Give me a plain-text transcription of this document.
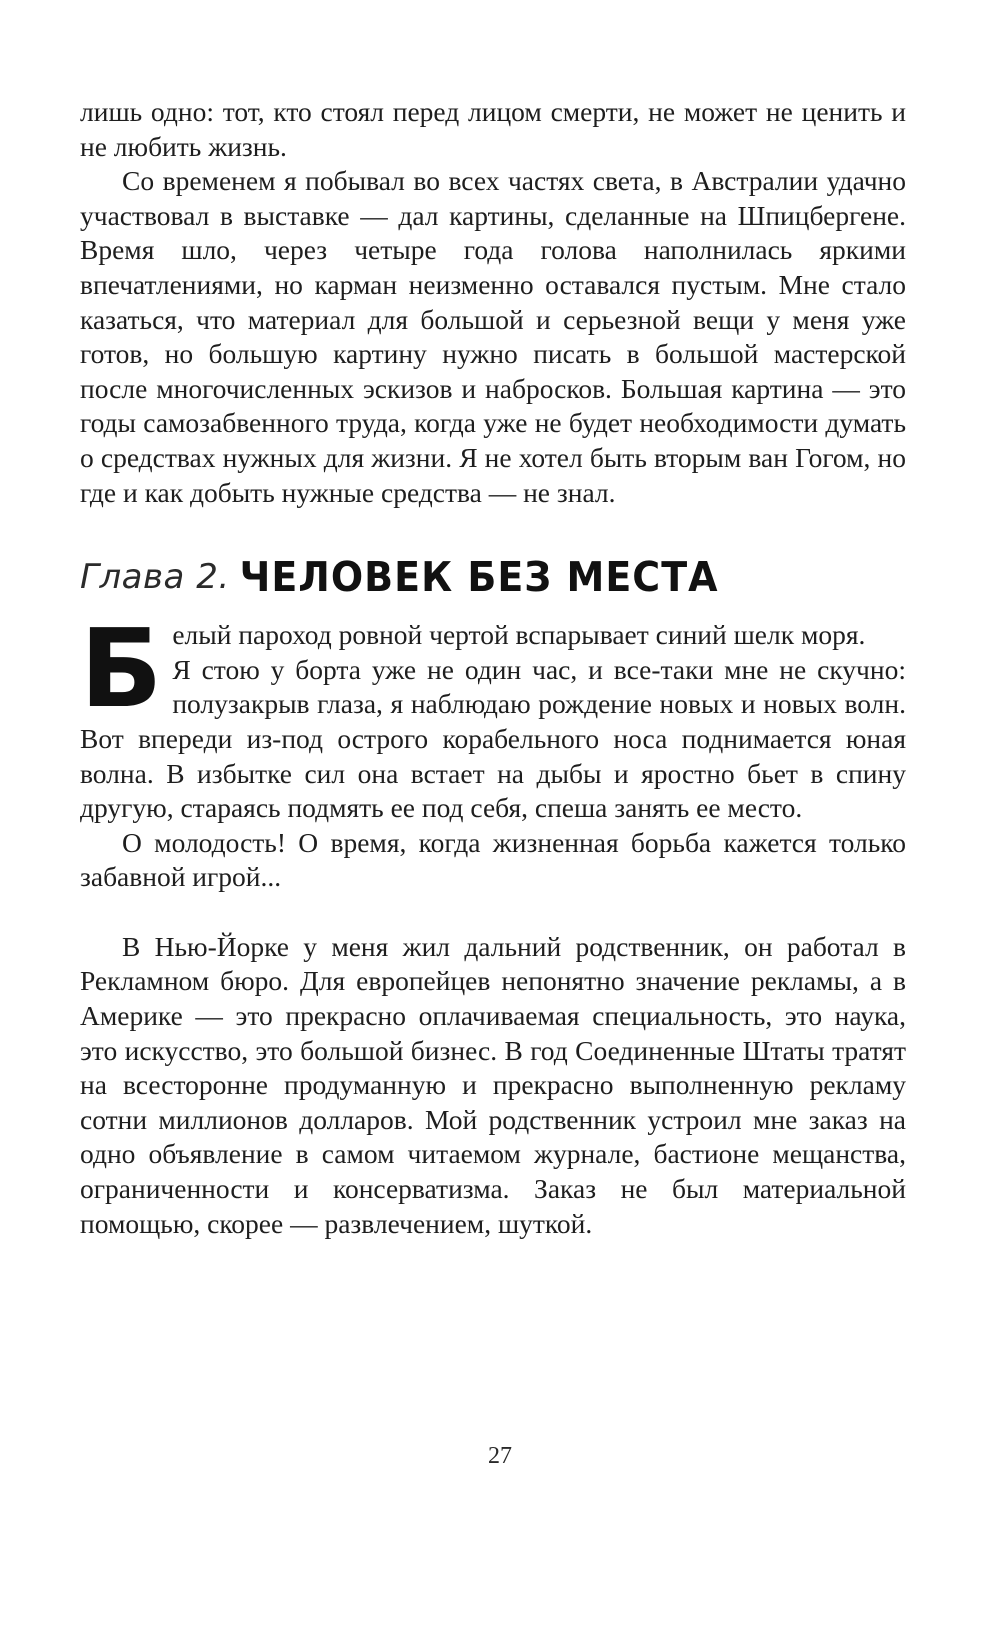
лишь одно: тот, кто стоял перед лицом смерти, не может не ценить и не любить жизнь.

Со временем я побывал во всех частях света, в Австралии удачно участвовал в выставке — дал картины, сделанные на Шпицбергене. Время шло, через четыре года голова наполнилась яркими впечатлениями, но карман неизменно оставался пустым. Мне стало казаться, что материал для большой и серьезной вещи у меня уже готов, но большую картину нужно писать в большой мастерской после многочисленных эскизов и набросков. Большая картина — это годы самозабвенного труда, когда уже не будет необходимости думать о средствах нужных для жизни. Я не хотел быть вторым ван Гогом, но где и как добыть нужные средства — не знал.

Глава 2. ЧЕЛОВЕК БЕЗ МЕСТА

Белый пароход ровной чертой вспарывает синий шелк моря.

Я стою у борта уже не один час, и все-таки мне не скучно: полузакрыв глаза, я наблюдаю рождение новых и новых волн. Вот впереди из-под острого корабельного носа поднимается юная волна. В избытке сил она встает на дыбы и яростно бьет в спину другую, стараясь подмять ее под себя, спеша занять ее место.

О молодость! О время, когда жизненная борьба кажется только забавной игрой...

В Нью-Йорке у меня жил дальний родственник, он работал в Рекламном бюро. Для европейцев непонятно значение рекламы, а в Америке — это прекрасно оплачиваемая специальность, это наука, это искусство, это большой бизнес. В год Соединенные Штаты тратят на всесторонне продуманную и прекрасно выполненную рекламу сотни миллионов долларов. Мой родственник устроил мне заказ на одно объявление в самом читаемом журнале, бастионе мещанства, ограниченности и консерватизма. Заказ не был материальной помощью, скорее — развлечением, шуткой.

27
